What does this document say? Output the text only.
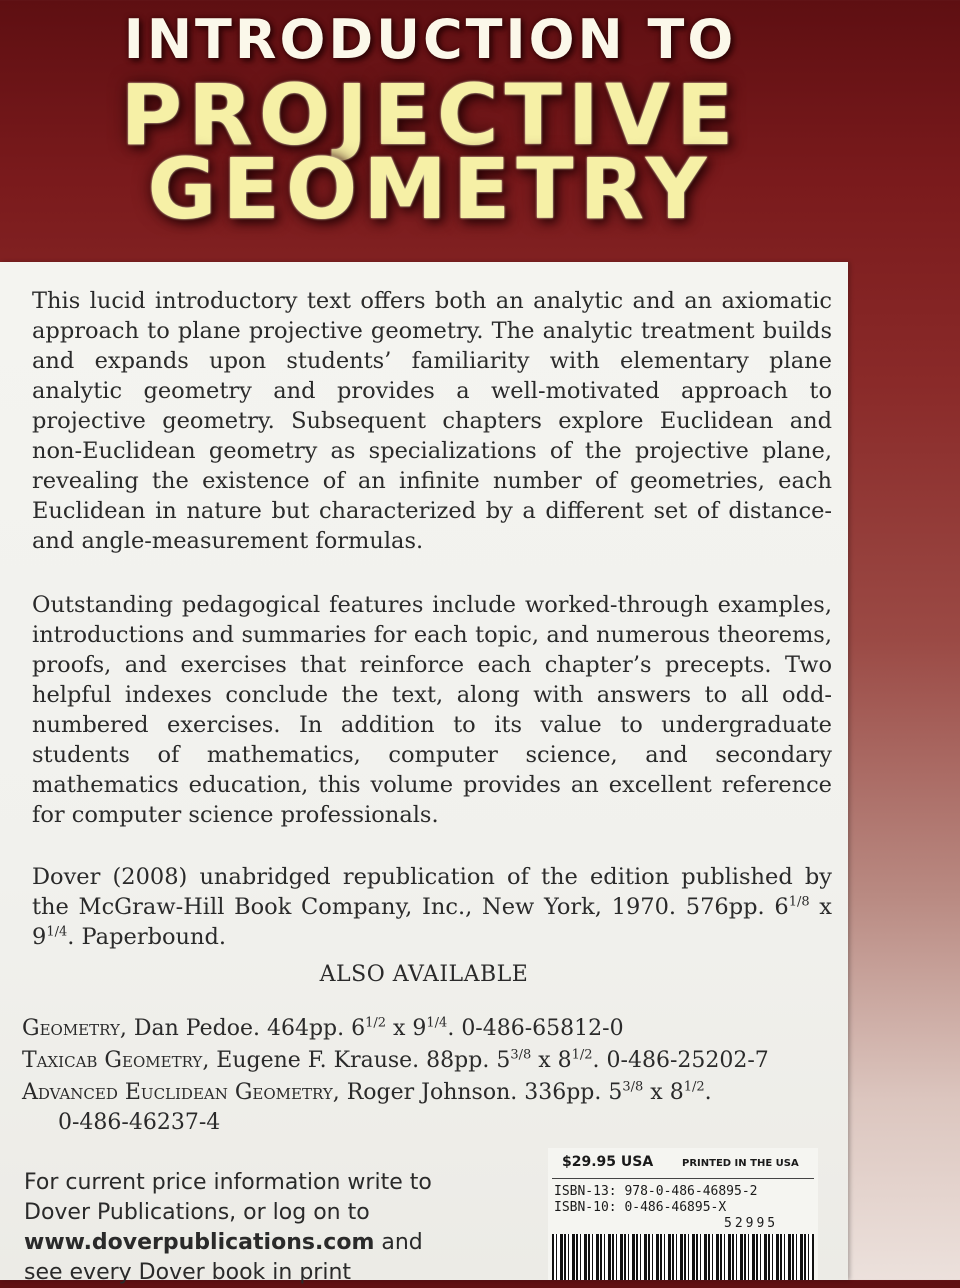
INTRODUCTION TO
PROJECTIVE
GEOMETRY

This lucid introductory text offers both an analytic and an axiomatic approach to plane projective geometry. The analytic treatment builds and expands upon students’ familiarity with elementary plane analytic geometry and provides a well-motivated approach to projective geometry. Subsequent chapters explore Euclidean and non-Euclidean geometry as specializations of the projective plane, revealing the existence of an infinite number of geometries, each Euclidean in nature but characterized by a different set of distance- and angle-measurement formulas.

Outstanding pedagogical features include worked-through examples, introductions and summaries for each topic, and numerous theorems, proofs, and exercises that reinforce each chapter’s precepts. Two helpful indexes conclude the text, along with answers to all odd-numbered exercises. In addition to its value to undergraduate students of mathematics, computer science, and secondary mathematics education, this volume provides an excellent reference for computer science professionals.

Dover (2008) unabridged republication of the edition published by the McGraw-Hill Book Company, Inc., New York, 1970. 576pp. $6^{1/8}$ x $9^{1/4}$. Paperbound.

ALSO AVAILABLE

Geometry, Dan Pedoe. 464pp. $6^{1/2}$ x $9^{1/4}$. 0-486-65812-0

Taxicab Geometry, Eugene F. Krause. 88pp. $5^{3/8}$ x $8^{1/2}$. 0-486-25202-7

Advanced Euclidean Geometry, Roger Johnson. 336pp. $5^{3/8}$ x $8^{1/2}$.

0-486-46237-4
For current price information write to
Dover Publications, or log on to
www.doverpublications.com and
see every Dover book in print
$29.95 USA	PRINTED IN THE USA
ISBN-13: 978-0-486-46895-2
ISBN-10: 0-486-46895-X
52995
